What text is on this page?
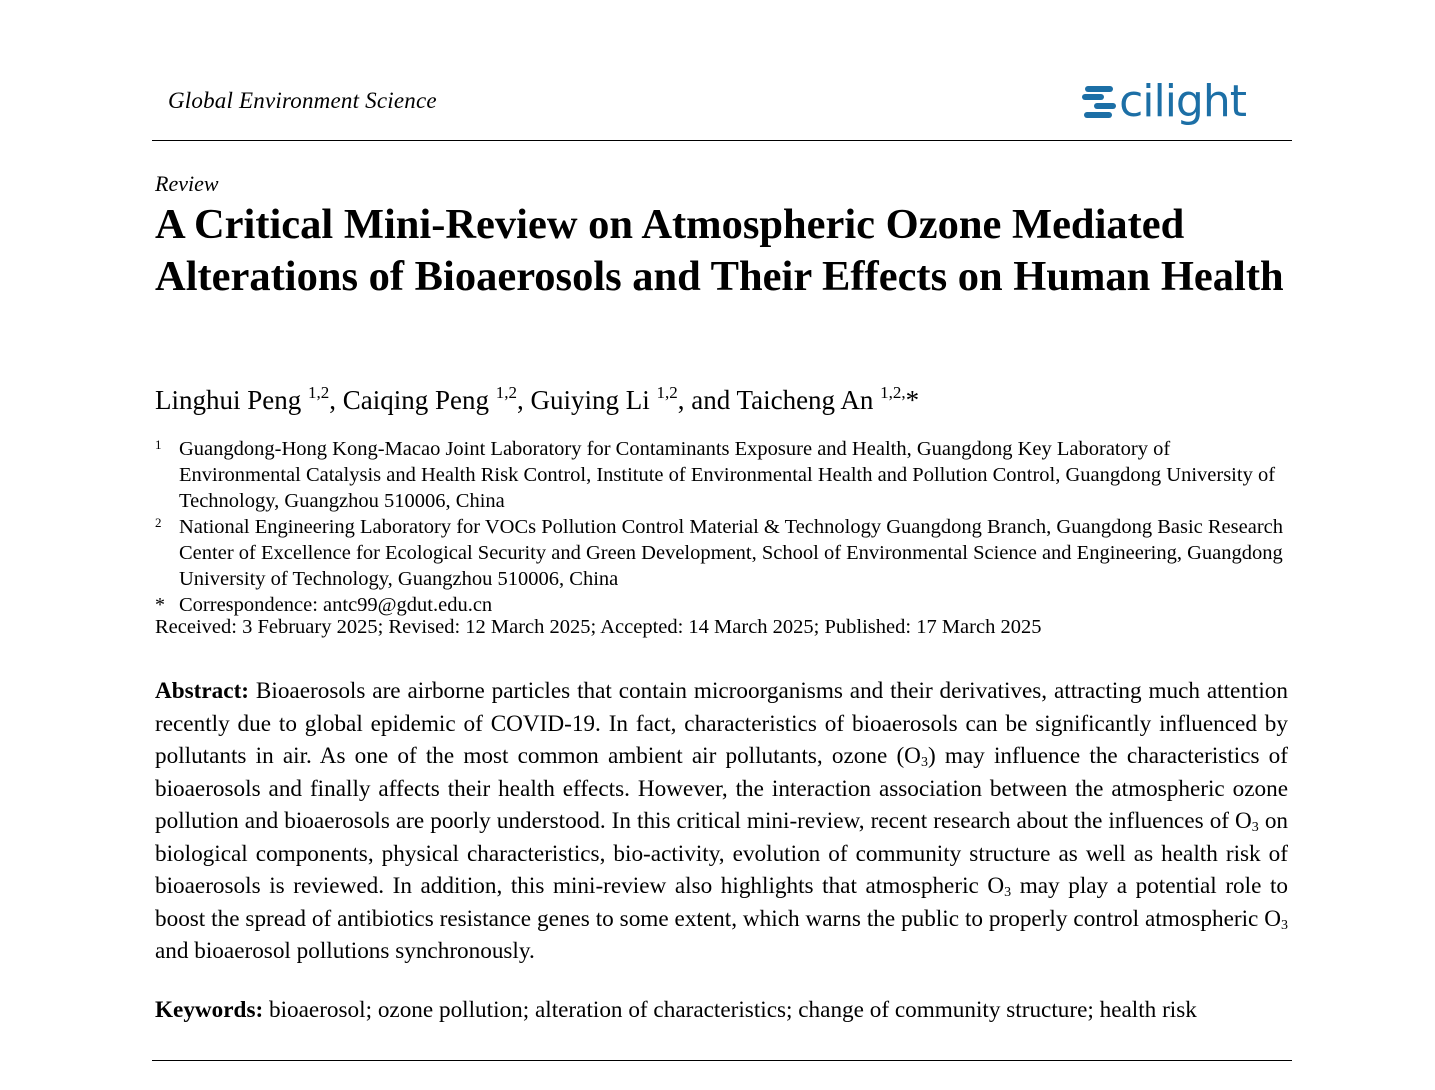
Global Environment Science	cilight
Review
A Critical Mini-Review on Atmospheric Ozone Mediated Alterations of Bioaerosols and Their Effects on Human Health
Linghui Peng $^{1,2}$, Caiqing Peng $^{1,2}$, Guiying Li $^{1,2}$, and Taicheng An $^{1,2,}$*
1 Guangdong-Hong Kong-Macao Joint Laboratory for Contaminants Exposure and Health, Guangdong Key Laboratory of Environmental Catalysis and Health Risk Control, Institute of Environmental Health and Pollution Control, Guangdong University of Technology, Guangzhou 510006, China
2 National Engineering Laboratory for VOCs Pollution Control Material & Technology Guangdong Branch, Guangdong Basic Research Center of Excellence for Ecological Security and Green Development, School of Environmental Science and Engineering, Guangdong University of Technology, Guangzhou 510006, China
* Correspondence: antc99@gdut.edu.cn
Received: 3 February 2025; Revised: 12 March 2025; Accepted: 14 March 2025; Published: 17 March 2025

Abstract: Bioaerosols are airborne particles that contain microorganisms and their derivatives, attracting much attention recently due to global epidemic of COVID-19. In fact, characteristics of bioaerosols can be significantly influenced by pollutants in air. As one of the most common ambient air pollutants, ozone $(O_3)$ may influence the characteristics of bioaerosols and finally affects their health effects. However, the interaction association between the atmospheric ozone pollution and bioaerosols are poorly understood. In this critical mini-review, recent research about the influences of $O_3$ on biological components, physical characteristics, bio-activity, evolution of community structure as well as health risk of bioaerosols is reviewed. In addition, this mini-review also highlights that atmospheric $O_3$ may play a potential role to boost the spread of antibiotics resistance genes to some extent, which warns the public to properly control atmospheric $O_3$ and bioaerosol pollutions synchronously.

Keywords: bioaerosol; ozone pollution; alteration of characteristics; change of community structure; health risk
